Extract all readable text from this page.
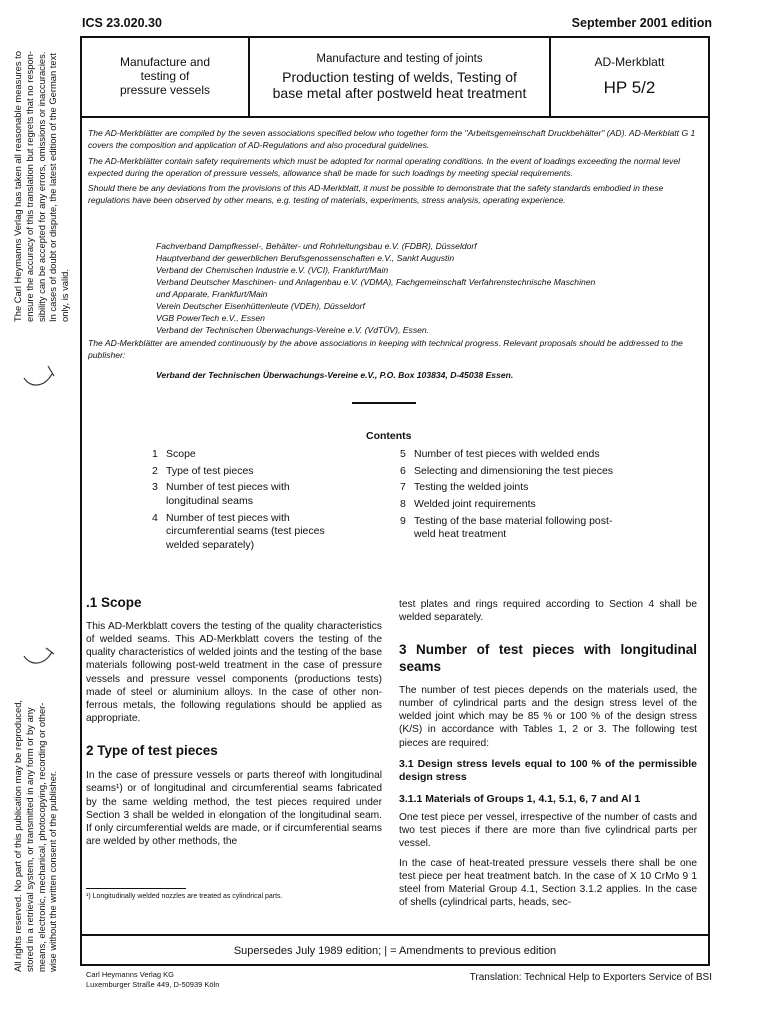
ICS 23.020.30	September 2001 edition
Manufacture and
testing of
pressure vessels
Manufacture and testing of joints
Production testing of welds, Testing of
base metal after postweld heat treatment
AD-Merkblatt
HP 5/2
Supersedes July 1989 edition; | = Amendments to previous edition

The AD-Merkblätter are compiled by the seven associations specified below who together form the "Arbeitsgemeinschaft Druckbehälter" (AD). AD-Merkblatt G 1 covers the composition and application of AD-Regulations and also procedural guidelines.

The AD-Merkblätter contain safety requirements which must be adopted for normal operating conditions. In the event of loadings exceeding the normal level expected during the operation of pressure vessels, allowance shall be made for such loadings by meeting special requirements.

Should there be any deviations from the provisions of this AD-Merkblatt, it must be possible to demonstrate that the safety standards embodied in these regulations have been observed by other means, e.g. testing of materials, experiments, stress analysis, operating experience.

Fachverband Dampfkessel-, Behälter- und Rohrleitungsbau e.V. (FDBR), Düsseldorf
Hauptverband der gewerblichen Berufsgenossenschaften e.V., Sankt Augustin
Verband der Chemischen Industrie e.V. (VCI), Frankfurt/Main
Verband Deutscher Maschinen- und Anlagenbau e.V. (VDMA), Fachgemeinschaft Verfahrenstechnische Maschinen
und Apparate, Frankfurt/Main
Verein Deutscher Eisenhüttenleute (VDEh), Düsseldorf
VGB PowerTech e.V., Essen
Verband der Technischen Überwachungs-Vereine e.V. (VdTÜV), Essen.

The AD-Merkblätter are amended continuously by the above associations in keeping with technical progress. Relevant proposals should be addressed to the publisher:

Verband der Technischen Überwachungs-Vereine e.V., P.O. Box 103834, D-45038 Essen.
Contents
1 Scope
2 Type of test pieces
3 Number of test pieces with longitudinal seams
4 Number of test pieces with circumferential seams (test pieces welded separately)
5 Number of test pieces with welded ends
6 Selecting and dimensioning the test pieces
7 Testing the welded joints
8 Welded joint requirements
9 Testing of the base material following post-weld heat treatment
.1 Scope

This AD-Merkblatt covers the testing of the quality characteristics of welded seams. This AD-Merkblatt covers the testing of the quality characteristics of welded joints and the testing of the base materials following post-weld treatment in the case of pressure vessels and pressure vessel components (productions tests) made of steel or aluminium alloys. In the case of other non-ferrous metals, the following regulations should be applied as appropriate.

2 Type of test pieces

In the case of pressure vessels or parts thereof with longitudinal seams¹) or of longitudinal and circumferential seams fabricated by the same welding method, the test pieces required under Section 3 shall be welded in elongation of the longitudinal seam. If only circumferential welds are made, or if circumferential seams are welded by other methods, the

¹) Longitudinally welded nozzles are treated as cylindrical parts.

test plates and rings required according to Section 4 shall be welded separately.

3 Number of test pieces with longitudinal seams

The number of test pieces depends on the materials used, the number of cylindrical parts and the design stress level of the welded joint which may be 85 % or 100 % of the design stress (K/S) in accordance with Tables 1, 2 or 3. The following test pieces are required:

3.1 Design stress levels equal to 100 % of the permissible design stress
3.1.1 Materials of Groups 1, 4.1, 5.1, 6, 7 and Al 1

One test piece per vessel, irrespective of the number of casts and two test pieces if there are more than five cylindrical parts per vessel.

In the case of heat-treated pressure vessels there shall be one test piece per heat treatment batch. In the case of X 10 CrMo 9 1 steel from Material Group 4.1, Section 3.1.2 applies. In the case of shells (cylindrical parts, heads, sec-

Carl Heymanns Verlag KG
Luxemburger Straße 449, D-50939 Köln
Translation: Technical Help to Exporters Service of BSI
The Carl Heymanns Verlag has taken all reasonable measures to ensure the accuracy of this translation but regrets that no respon- sibility can be accepted for any errors, omissions or inaccuracies. In cases of doubt or dispute, the latest edition of the German text only, is valid.
All rights reserved. No part of this publication may be reproduced, stored in a retrieval system, or transmitted in any form or by any means, electronic, mechanical, photocopying, recording or other- wise without the written consent of the publisher.
